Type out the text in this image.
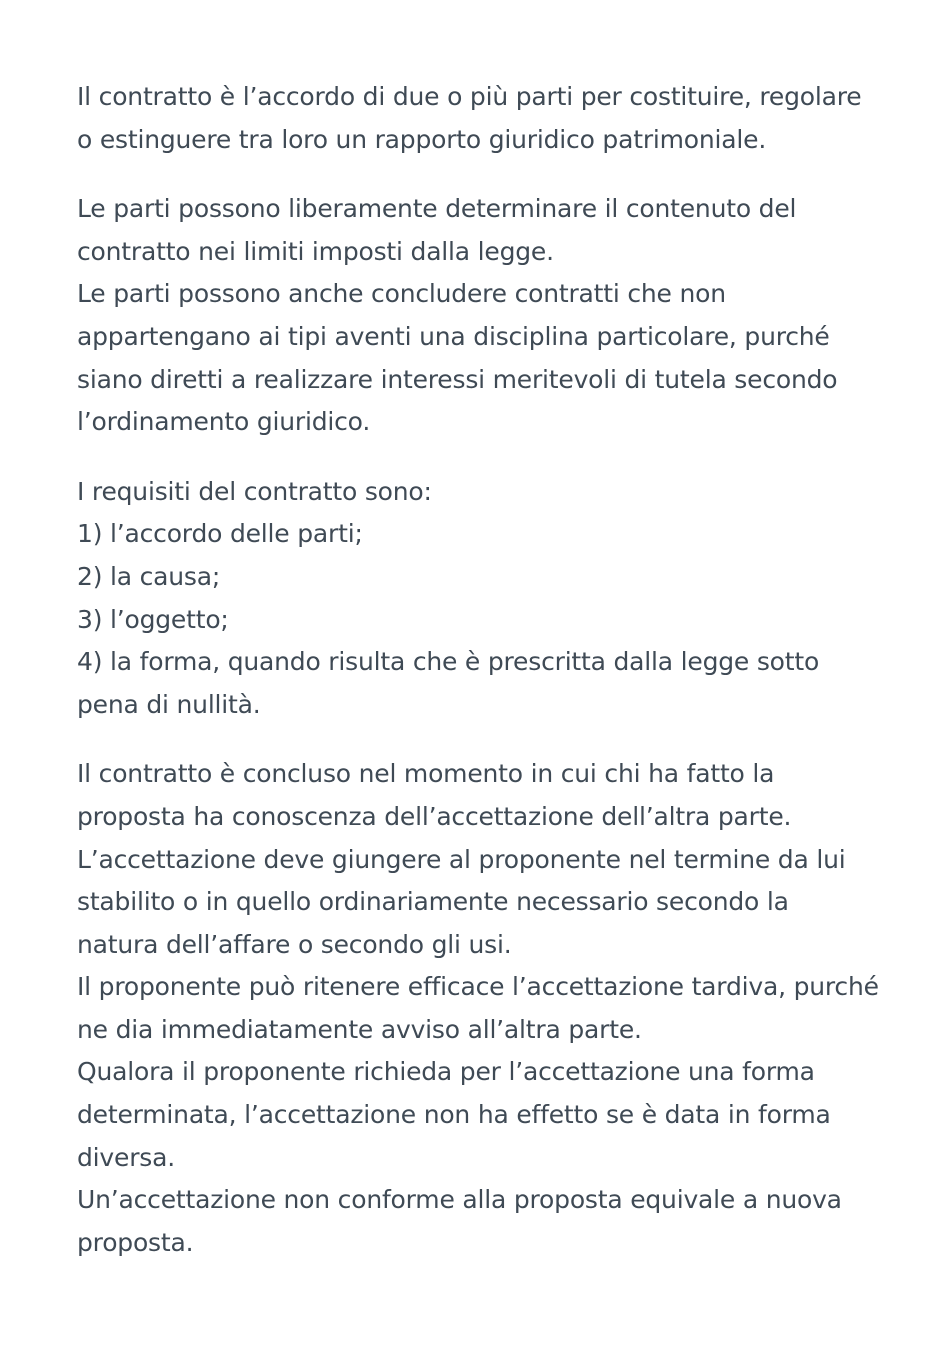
Il contratto è l’accordo di due o più parti per costituire, regolare
o estinguere tra loro un rapporto giuridico patrimoniale.

Le parti possono liberamente determinare il contenuto del
contratto nei limiti imposti dalla legge.
Le parti possono anche concludere contratti che non
appartengano ai tipi aventi una disciplina particolare, purché
siano diretti a realizzare interessi meritevoli di tutela secondo
l’ordinamento giuridico.

I requisiti del contratto sono:
1) l’accordo delle parti;
2) la causa;
3) l’oggetto;
4) la forma, quando risulta che è prescritta dalla legge sotto
pena di nullità.

Il contratto è concluso nel momento in cui chi ha fatto la
proposta ha conoscenza dell’accettazione dell’altra parte.
L’accettazione deve giungere al proponente nel termine da lui
stabilito o in quello ordinariamente necessario secondo la
natura dell’affare o secondo gli usi.
Il proponente può ritenere efficace l’accettazione tardiva, purché
ne dia immediatamente avviso all’altra parte.
Qualora il proponente richieda per l’accettazione una forma
determinata, l’accettazione non ha effetto se è data in forma
diversa.
Un’accettazione non conforme alla proposta equivale a nuova
proposta.
